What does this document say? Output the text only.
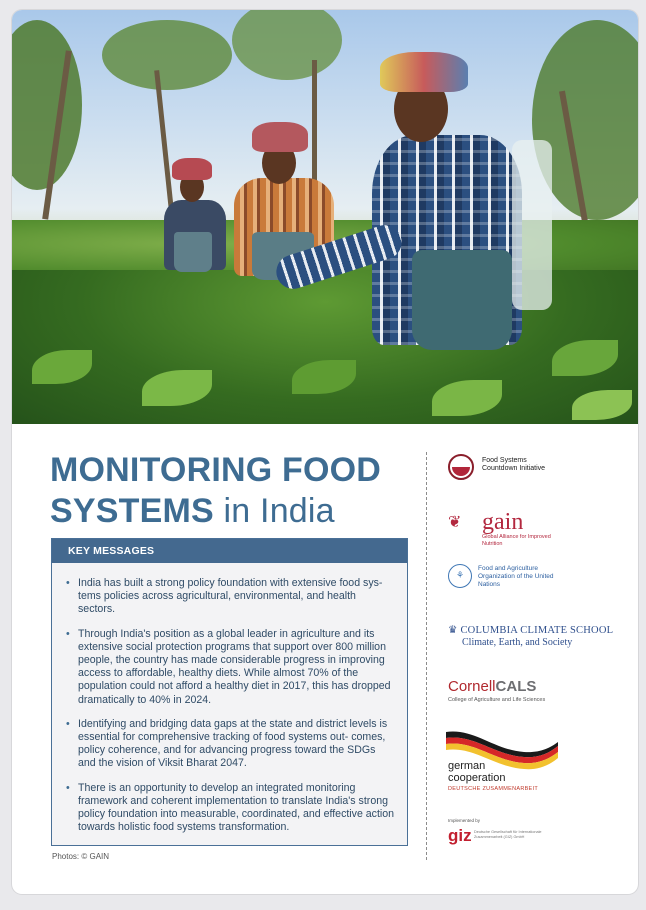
MONITORING FOOD SYSTEMS in India
KEY MESSAGES
• India has built a strong policy foundation with extensive food sys- tems policies across agricultural, environmental, and health sectors.
• Through India's position as a global leader in agriculture and its extensive social protection programs that support over 800 million people, the country has made considerable progress in improving access to affordable, healthy diets. While almost 70% of the population could not afford a healthy diet in 2017, this has dropped dramatically to 40% in 2024.
• Identifying and bridging data gaps at the state and district levels is essential for comprehensive tracking of food systems out- comes, policy coherence, and for advancing progress toward the SDGs and the vision of Viksit Bharat 2047.
• There is an opportunity to develop an integrated monitoring framework and coherent implementation to translate India's strong policy foundation into measurable, coordinated, and effective action towards holistic food systems transformation.
Photos: © GAIN
Food Systems Countdown Initiative
❦ gain
Global Alliance for Improved Nutrition
⚘
Food and Agriculture Organization of the United Nations
♛ COLUMBIA CLIMATE SCHOOL
Climate, Earth, and Society
CornellCALS
College of Agriculture and Life Sciences
german
cooperation
DEUTSCHE ZUSAMMENARBEIT
Implemented by
giz Deutsche Gesellschaft für Internationale Zusammenarbeit (GIZ) GmbH
